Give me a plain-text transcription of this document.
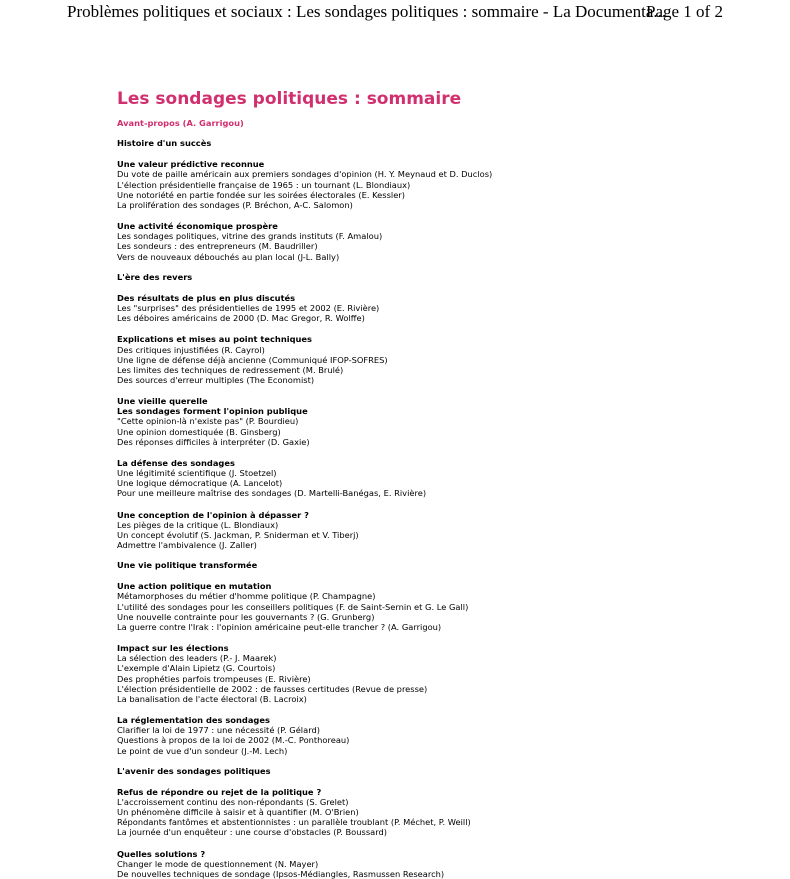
Problèmes politiques et sociaux : Les sondages politiques : sommaire - La Documenta...
Page 1 of 2
Les sondages politiques : sommaire
Avant-propos (A. Garrigou)
Histoire d'un succès
Une valeur prédictive reconnue
Du vote de paille américain aux premiers sondages d'opinion (H. Y. Meynaud et D. Duclos)
L'élection présidentielle française de 1965 : un tournant (L. Blondiaux)
Une notoriété en partie fondée sur les soirées électorales (E. Kessler)
La prolifération des sondages (P. Bréchon, A-C. Salomon)
Une activité économique prospère
Les sondages politiques, vitrine des grands instituts (F. Amalou)
Les sondeurs : des entrepreneurs (M. Baudriller)
Vers de nouveaux débouchés au plan local (J-L. Bally)
L'ère des revers
Des résultats de plus en plus discutés
Les "surprises" des présidentielles de 1995 et 2002 (E. Rivière)
Les déboires américains de 2000 (D. Mac Gregor, R. Wolffe)
Explications et mises au point techniques
Des critiques injustifiées (R. Cayrol)
Une ligne de défense déjà ancienne (Communiqué IFOP-SOFRES)
Les limites des techniques de redressement (M. Brulé)
Des sources d'erreur multiples (The Economist)
Une vieille querelle
Les sondages forment l'opinion publique
"Cette opinion-là n'existe pas" (P. Bourdieu)
Une opinion domestiquée (B. Ginsberg)
Des réponses difficiles à interpréter (D. Gaxie)
La défense des sondages
Une légitimité scientifique (J. Stoetzel)
Une logique démocratique (A. Lancelot)
Pour une meilleure maîtrise des sondages (D. Martelli-Banégas, E. Rivière)
Une conception de l'opinion à dépasser ?
Les pièges de la critique (L. Blondiaux)
Un concept évolutif (S. Jackman, P. Sniderman et V. Tiberj)
Admettre l'ambivalence (J. Zaller)
Une vie politique transformée
Une action politique en mutation
Métamorphoses du métier d'homme politique (P. Champagne)
L'utilité des sondages pour les conseillers politiques (F. de Saint-Sernin et G. Le Gall)
Une nouvelle contrainte pour les gouvernants ? (G. Grunberg)
La guerre contre l'Irak : l'opinion américaine peut-elle trancher ? (A. Garrigou)
Impact sur les élections
La sélection des leaders (P.- J. Maarek)
L'exemple d'Alain Lipietz (G. Courtois)
Des prophéties parfois trompeuses (E. Rivière)
L'élection présidentielle de 2002 : de fausses certitudes (Revue de presse)
La banalisation de l'acte électoral (B. Lacroix)
La réglementation des sondages
Clarifier la loi de 1977 : une nécessité (P. Gélard)
Questions à propos de la loi de 2002 (M.-C. Ponthoreau)
Le point de vue d'un sondeur (J.-M. Lech)
L'avenir des sondages politiques
Refus de répondre ou rejet de la politique ?
L'accroissement continu des non-répondants (S. Grelet)
Un phénomène difficile à saisir et à quantifier (M. O'Brien)
Répondants fantômes et abstentionnistes : un parallèle troublant (P. Méchet, P. Weill)
La journée d'un enquêteur : une course d'obstacles (P. Boussard)
Quelles solutions ?
Changer le mode de questionnement (N. Mayer)
De nouvelles techniques de sondage (Ipsos-Médiangles, Rasmussen Research)
